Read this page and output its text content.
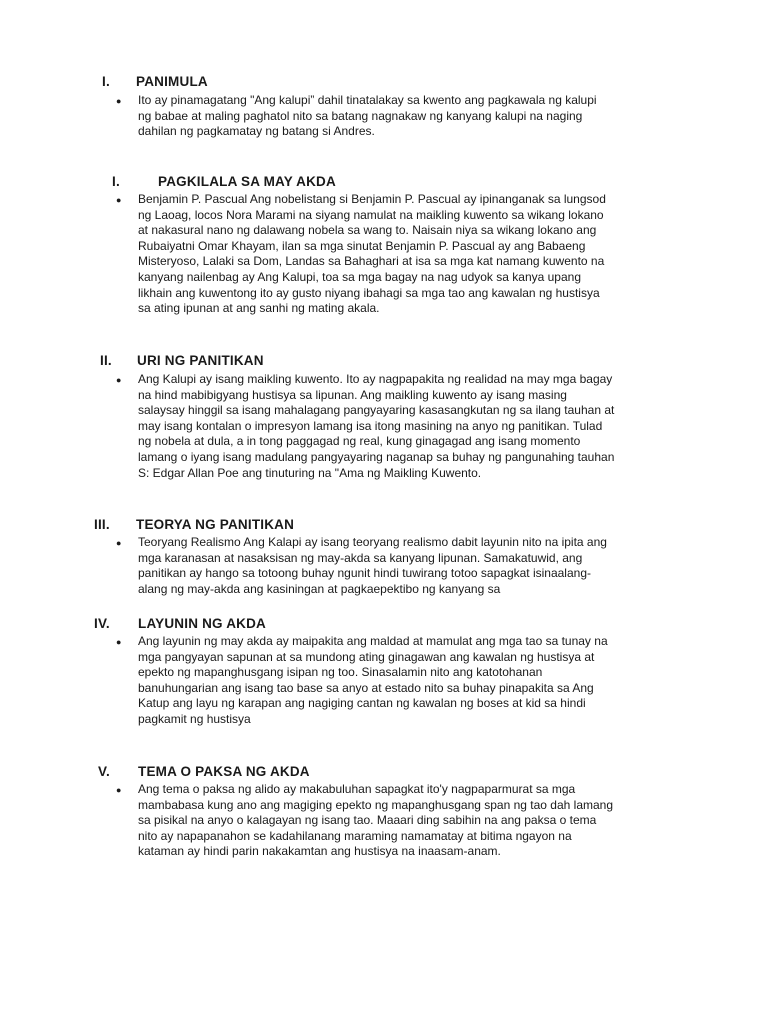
I. PANIMULA
● Ito ay pinamagatang "Ang kalupi” dahil tinatalakay sa kwento ang pagkawala ng kalupi
ng babae at maling paghatol nito sa batang nagnakaw ng kanyang kalupi na naging
dahilan ng pagkamatay ng batang si Andres.
I.	PAGKILALA SA MAY AKDA
● Benjamin P. Pascual Ang nobelistang si Benjamin P. Pascual ay ipinanganak sa lungsod
ng Laoag, locos Nora Marami na siyang namulat na maikling kuwento sa wikang lokano
at nakasural nano ng dalawang nobela sa wang to. Naisain niya sa wikang lokano ang
Rubaiyatni Omar Khayam, ilan sa mga sinutat Benjamin P. Pascual ay ang Babaeng
Misteryoso, Lalaki sa Dom, Landas sa Bahaghari at isa sa mga kat namang kuwento na
kanyang nailenbag ay Ang Kalupi, toa sa mga bagay na nag udyok sa kanya upang
likhain ang kuwentong ito ay gusto niyang ibahagi sa mga tao ang kawalan ng hustisya
sa ating ipunan at ang sanhi ng mating akala.
II. URI NG PANITIKAN
● Ang Kalupi ay isang maikling kuwento. Ito ay nagpapakita ng realidad na may mga bagay
na hind mabibigyang hustisya sa lipunan. Ang maikling kuwento ay isang masing
salaysay hinggil sa isang mahalagang pangyayaring kasasangkutan ng sa ilang tauhan at
may isang kontalan o impresyon lamang isa itong masining na anyo ng panitikan. Tulad
ng nobela at dula, a in tong paggagad ng real, kung ginagagad ang isang momento
lamang o iyang isang madulang pangyayaring naganap sa buhay ng pangunahing tauhan
S: Edgar Allan Poe ang tinuturing na "Ama ng Maikling Kuwento.
III. TEORYA NG PANITIKAN
● Teoryang Realismo Ang Kalapi ay isang teoryang realismo dabit layunin nito na ipita ang
mga karanasan at nasaksisan ng may-akda sa kanyang lipunan. Samakatuwid, ang
panitikan ay hango sa totoong buhay ngunit hindi tuwirang totoo sapagkat isinaalang-
alang ng may-akda ang kasiningan at pagkaepektibo ng kanyang sa
IV. LAYUNIN NG AKDA
● Ang layunin ng may akda ay maipakita ang maldad at mamulat ang mga tao sa tunay na
mga pangyayan sapunan at sa mundong ating ginagawan ang kawalan ng hustisya at
epekto ng mapanghusgang isipan ng too. Sinasalamin nito ang katotohanan
banuhungarian ang isang tao base sa anyo at estado nito sa buhay pinapakita sa Ang
Katup ang layu ng karapan ang nagiging cantan ng kawalan ng boses at kid sa hindi
pagkamit ng hustisya
V. TEMA O PAKSA NG AKDA
● Ang tema o paksa ng alido ay makabuluhan sapagkat ito'y nagpaparmurat sa mga
mambabasa kung ano ang magiging epekto ng mapanghusgang span ng tao dah lamang
sa pisikal na anyo o kalagayan ng isang tao. Maaari ding sabihin na ang paksa o tema
nito ay napapanahon se kadahilanang maraming namamatay at bitima ngayon na
kataman ay hindi parin nakakamtan ang hustisya na inaasam-anam.
